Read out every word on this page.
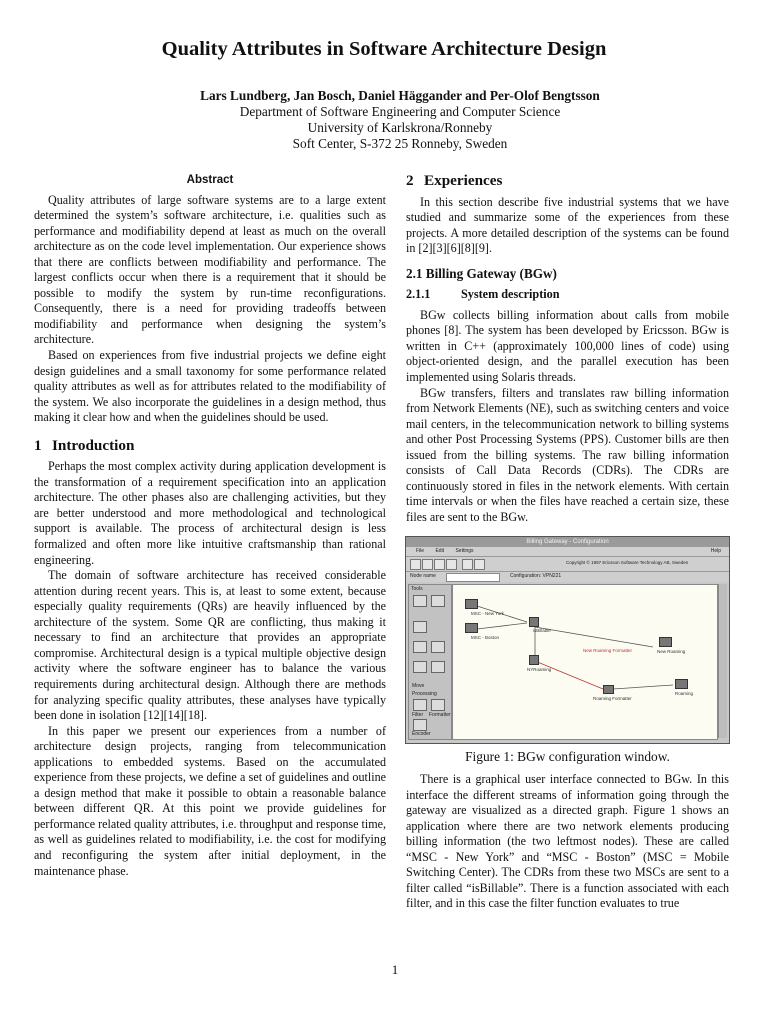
Quality Attributes in Software Architecture Design
Lars Lundberg, Jan Bosch, Daniel Häggander and Per-Olof Bengtsson
Department of Software Engineering and Computer Science
University of Karlskrona/Ronneby
Soft Center, S-372 25 Ronneby, Sweden
Abstract

Quality attributes of large software systems are to a large extent determined the system’s software architecture, i.e. qualities such as performance and modifiability depend at least as much on the overall architecture as on the code level implementation. Our experience shows that there are conflicts between modifiability and performance. The largest conflicts occur when there is a requirement that it should be possible to modify the system by run-time reconfigurations. Consequently, there is a need for providing tradeoffs between modifiability and performance when designing the system’s architecture.

Based on experiences from five industrial projects we define eight design guidelines and a small taxonomy for some performance related quality attributes as well as for attributes related to the modifiability of the system. We also incorporate the guidelines in a design method, thus making it clear how and when the guidelines should be used.

1 Introduction

Perhaps the most complex activity during application development is the transformation of a requirement specification into an application architecture. The other phases also are challenging activities, but they are better understood and more methodological and technological support is available. The process of architectural design is less formalized and often more like intuitive craftsmanship than rational engineering.

The domain of software architecture has received considerable attention during recent years. This is, at least to some extent, because especially quality requirements (QRs) are heavily influenced by the architecture of the system. Some QR are conflicting, thus making it necessary to find an architecture that provides an appropriate compromise. Architectural design is a typical multiple objective design activity where the software engineer has to balance the various requirements during architectural design. Although there are methods for analyzing specific quality attributes, these analyses have typically been done in isolation [12][14][18].

In this paper we present our experiences from a number of architecture design projects, ranging from telecommunication applications to embedded systems. Based on the accumulated experience from these projects, we define a set of guidelines and outline a design method that make it possible to obtain a reasonable balance between different QR. At this point we provide guidelines for performance related quality attributes, i.e. throughput and response time, as well as guidelines related to modifiability, i.e. the cost for modifying and reconfiguring the system after initial deployment, in the maintenance phase.

2 Experiences

In this section describe five industrial systems that we have studied and summarize some of the experiences from these projects. A more detailed description of the systems can be found in [2][3][6][8][9].

2.1 Billing Gateway (BGw)
2.1.1	System description

BGw collects billing information about calls from mobile phones [8]. The system has been developed by Ericsson. BGw is written in C++ (approximately 100,000 lines of code) using object-oriented design, and the parallel execution has been implemented using Solaris threads.

BGw transfers, filters and translates raw billing information from Network Elements (NE), such as switching centers and voice mail centers, in the telecommunication network to billing systems and other Post Processing Systems (PPS). Customer bills are then issued from the billing systems. The raw billing information consists of Call Data Records (CDRs). The CDRs are continuously stored in files in the network elements. With certain time intervals or when the files have reached a certain size, these files are sent to the BGw.

Billing Gateway - Configuration
File Edit Settings	Help
Copyright © 1997 Ericsson Software Technology AB, Sweden
Node name	Configuration: VPN221
Tools
Move
Processing
Filter Formatter
Encoder
MSC - New York
MSC - Boston
isBillable
NYRoaming
New Roaming Formatter	New Roaming
Roaming Formatter
Roaming
Figure 1: BGw configuration window.

There is a graphical user interface connected to BGw. In this interface the different streams of information going through the gateway are visualized as a directed graph. Figure 1 shows an application where there are two network elements producing billing information (the two leftmost nodes). These are called “MSC - New York” and “MSC - Boston” (MSC = Mobile Switching Center). The CDRs from these two MSCs are sent to a filter called “isBillable”. There is a function associated with each filter, and in this case the filter function evaluates to true

1
